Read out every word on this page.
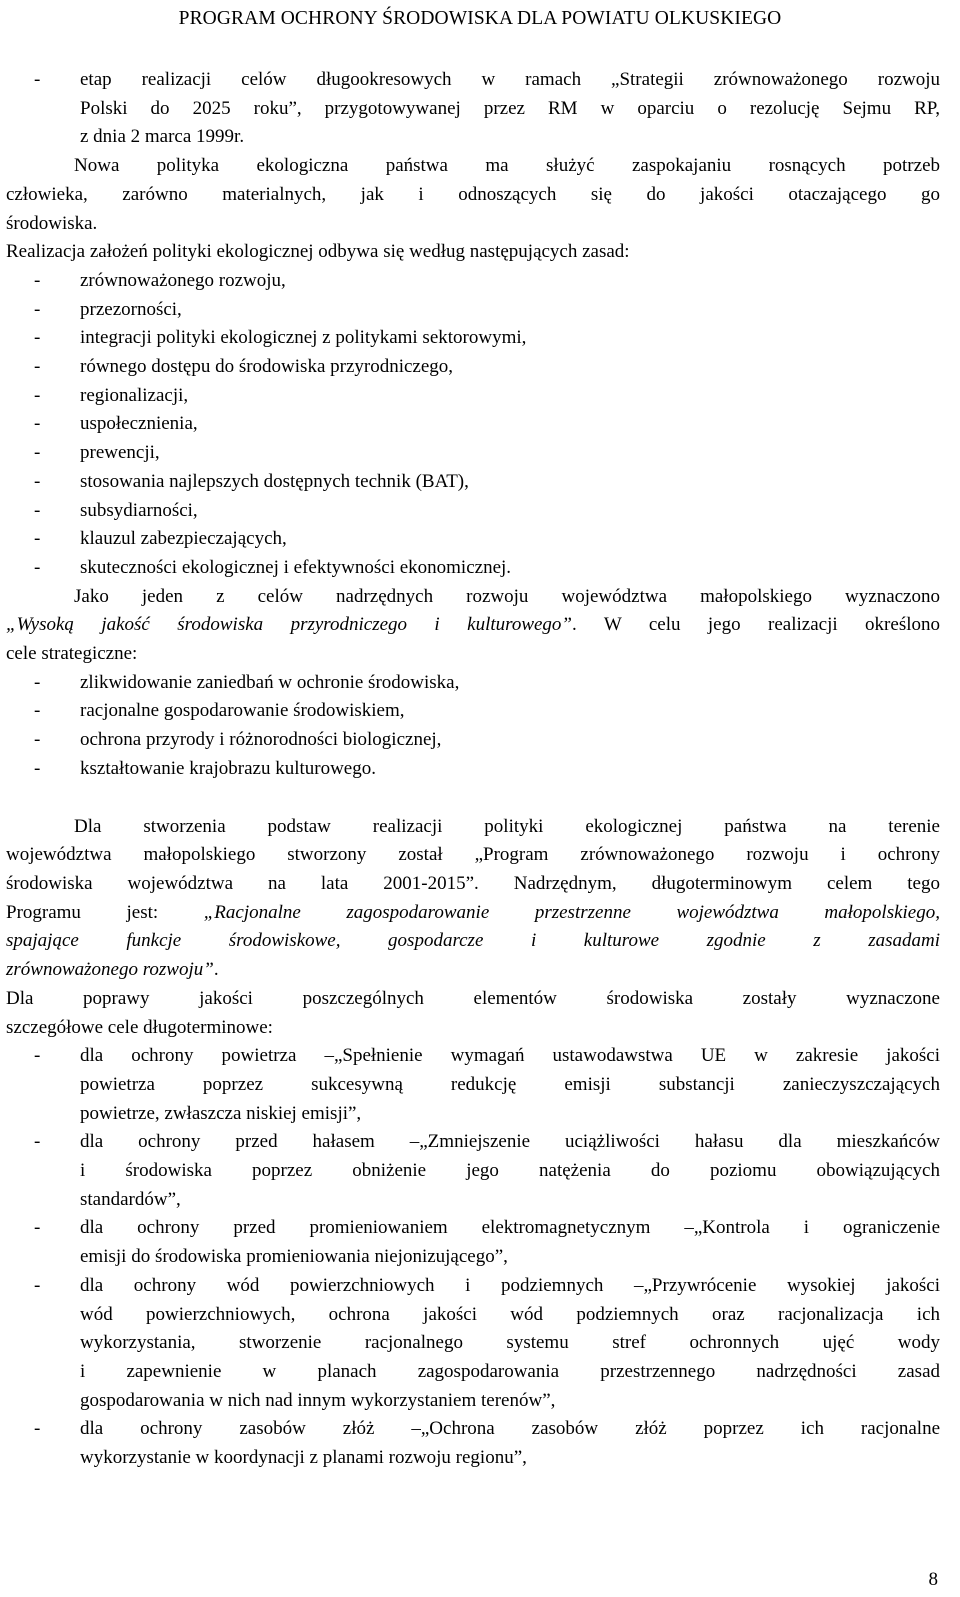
PROGRAM OCHRONY ŚRODOWISKA DLA POWIATU OLKUSKIEGO
- etap realizacji celów długookresowych w ramach „Strategii zrównoważonego rozwoju
Polski do 2025 roku”, przygotowywanej przez RM w oparciu o rezolucję Sejmu RP,
z dnia 2 marca 1999r.
Nowa polityka ekologiczna państwa ma służyć zaspokajaniu rosnących potrzeb
człowieka, zarówno materialnych, jak i odnoszących się do jakości otaczającego go
środowiska.
Realizacja założeń polityki ekologicznej odbywa się według następujących zasad:
- zrównoważonego rozwoju,
- przezorności,
- integracji polityki ekologicznej z politykami sektorowymi,
- równego dostępu do środowiska przyrodniczego,
- regionalizacji,
- uspołecznienia,
- prewencji,
- stosowania najlepszych dostępnych technik (BAT),
- subsydiarności,
- klauzul zabezpieczających,
- skuteczności ekologicznej i efektywności ekonomicznej.
Jako jeden z celów nadrzędnych rozwoju województwa małopolskiego wyznaczono
„Wysoką jakość środowiska przyrodniczego i kulturowego”. W celu jego realizacji określono
cele strategiczne:
- zlikwidowanie zaniedbań w ochronie środowiska,
- racjonalne gospodarowanie środowiskiem,
- ochrona przyrody i różnorodności biologicznej,
- kształtowanie krajobrazu kulturowego.
Dla stworzenia podstaw realizacji polityki ekologicznej państwa na terenie
województwa małopolskiego stworzony został „Program zrównoważonego rozwoju i ochrony
środowiska województwa na lata 2001-2015”. Nadrzędnym, długoterminowym celem tego
Programu jest: „Racjonalne zagospodarowanie przestrzenne województwa małopolskiego,
spajające funkcje środowiskowe, gospodarcze i kulturowe zgodnie z zasadami
zrównoważonego rozwoju”.
Dla poprawy jakości poszczególnych elementów środowiska zostały wyznaczone
szczegółowe cele długoterminowe:
- dla ochrony powietrza –„Spełnienie wymagań ustawodawstwa UE w zakresie jakości
powietrza poprzez sukcesywną redukcję emisji substancji zanieczyszczających
powietrze, zwłaszcza niskiej emisji”,
- dla ochrony przed hałasem –„Zmniejszenie uciążliwości hałasu dla mieszkańców
i środowiska poprzez obniżenie jego natężenia do poziomu obowiązujących
standardów”,
- dla ochrony przed promieniowaniem elektromagnetycznym –„Kontrola i ograniczenie
emisji do środowiska promieniowania niejonizującego”,
- dla ochrony wód powierzchniowych i podziemnych –„Przywrócenie wysokiej jakości
wód powierzchniowych, ochrona jakości wód podziemnych oraz racjonalizacja ich
wykorzystania, stworzenie racjonalnego systemu stref ochronnych ujęć wody
i zapewnienie w planach zagospodarowania przestrzennego nadrzędności zasad
gospodarowania w nich nad innym wykorzystaniem terenów”,
- dla ochrony zasobów złóż –„Ochrona zasobów złóż poprzez ich racjonalne
wykorzystanie w koordynacji z planami rozwoju regionu”,
8
